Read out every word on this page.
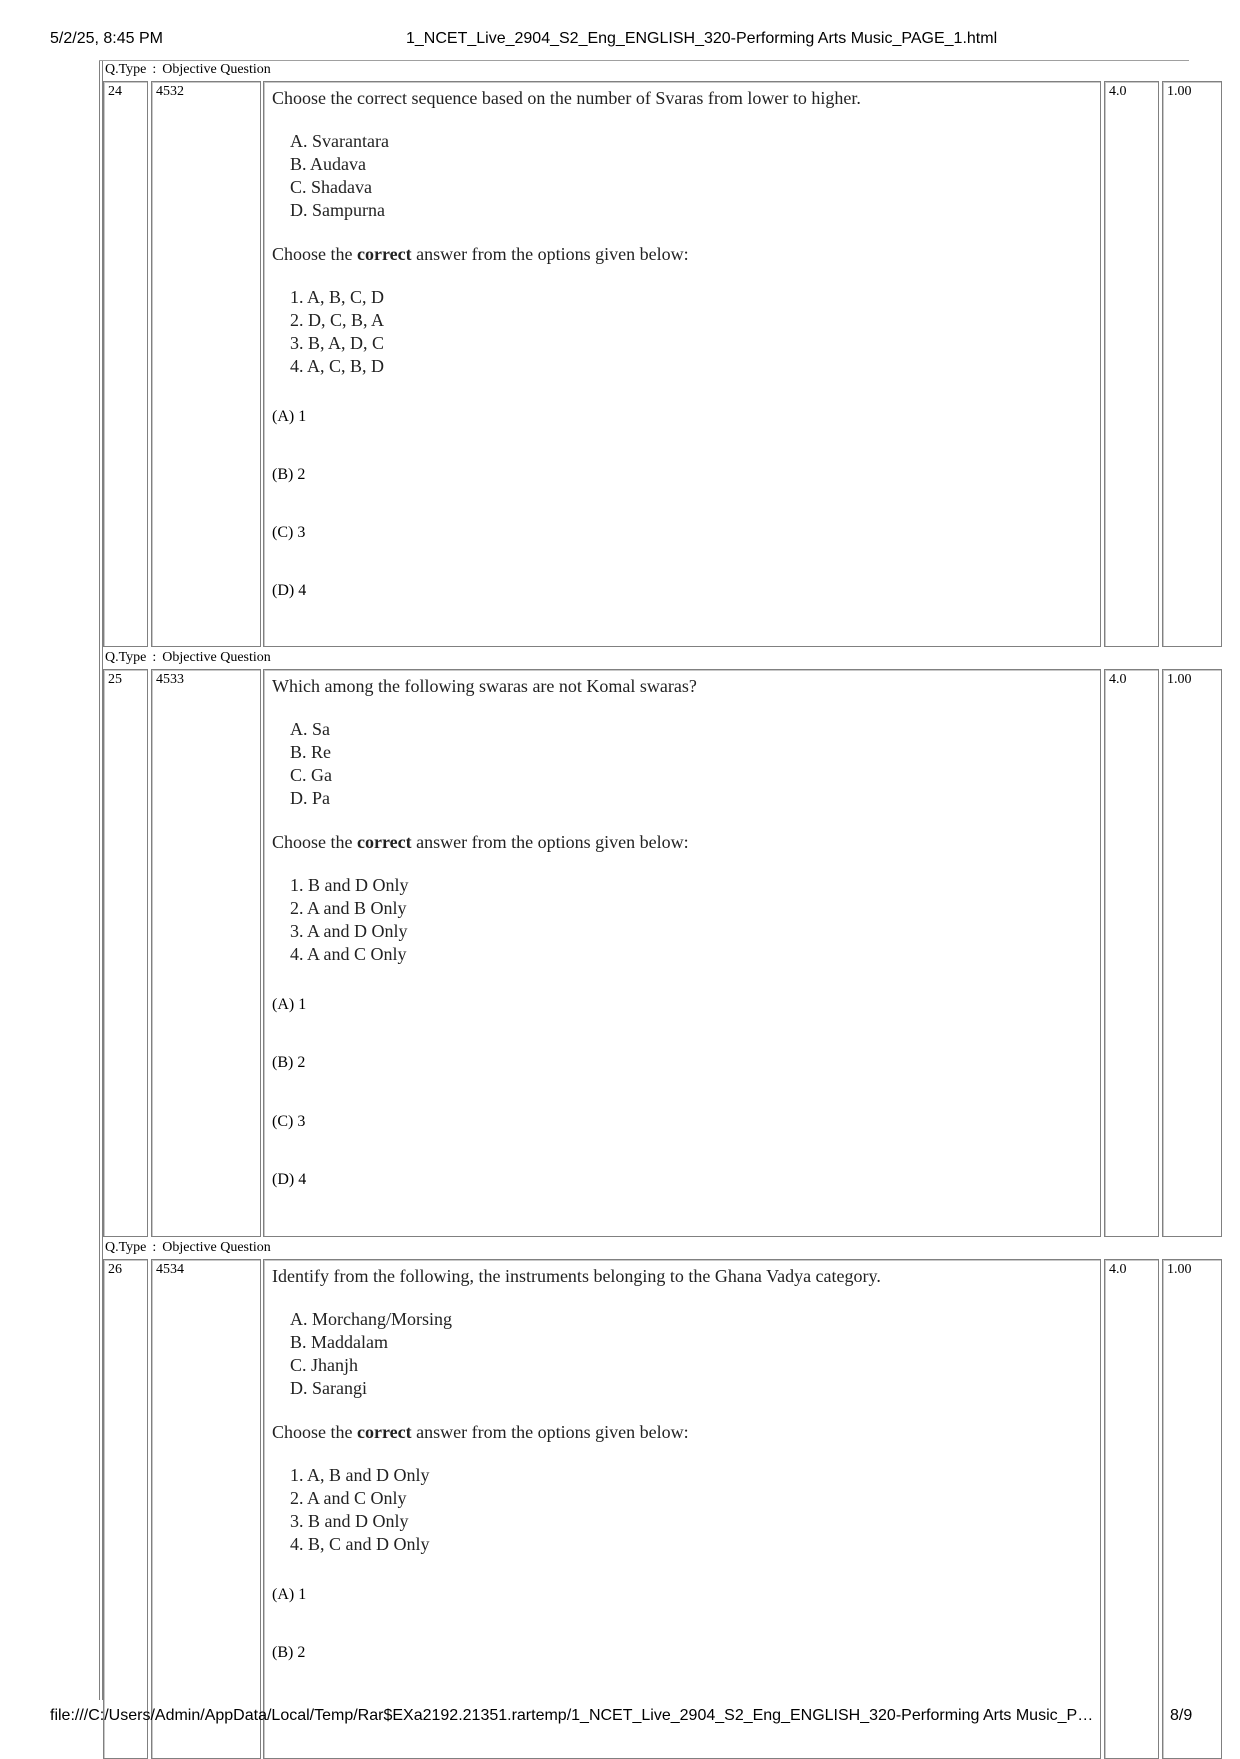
5/2/25, 8:45 PM	1_NCET_Live_2904_S2_Eng_ENGLISH_320-Performing Arts Music_PAGE_1.html
Q.Type : Objective Question
24 4532	Choose the correct sequence based on the number of Svaras from lower to higher.
A. Svarantara
B. Audava
C. Shadava
D. Sampurna
Choose the correct answer from the options given below:
1. A, B, C, D
2. D, C, B, A
3. B, A, D, C
4. A, C, B, D
(A) 1
(B) 2
(C) 3
(D) 4
4.0	1.00
Q.Type : Objective Question
25 4533	Which among the following swaras are not Komal swaras?
A. Sa
B. Re
C. Ga
D. Pa
Choose the correct answer from the options given below:
1. B and D Only
2. A and B Only
3. A and D Only
4. A and C Only
(A) 1
(B) 2
(C) 3
(D) 4
4.0	1.00
Q.Type : Objective Question
26 4534	Identify from the following, the instruments belonging to the Ghana Vadya category.
A. Morchang/Morsing
B. Maddalam
C. Jhanjh
D. Sarangi
Choose the correct answer from the options given below:
1. A, B and D Only
2. A and C Only
3. B and D Only
4. B, C and D Only
(A) 1
(B) 2
4.0	1.00
file:///C:/Users/Admin/AppData/Local/Temp/Rar$EXa2192.21351.rartemp/1_NCET_Live_2904_S2_Eng_ENGLISH_320-Performing Arts Music_P…	8/9
